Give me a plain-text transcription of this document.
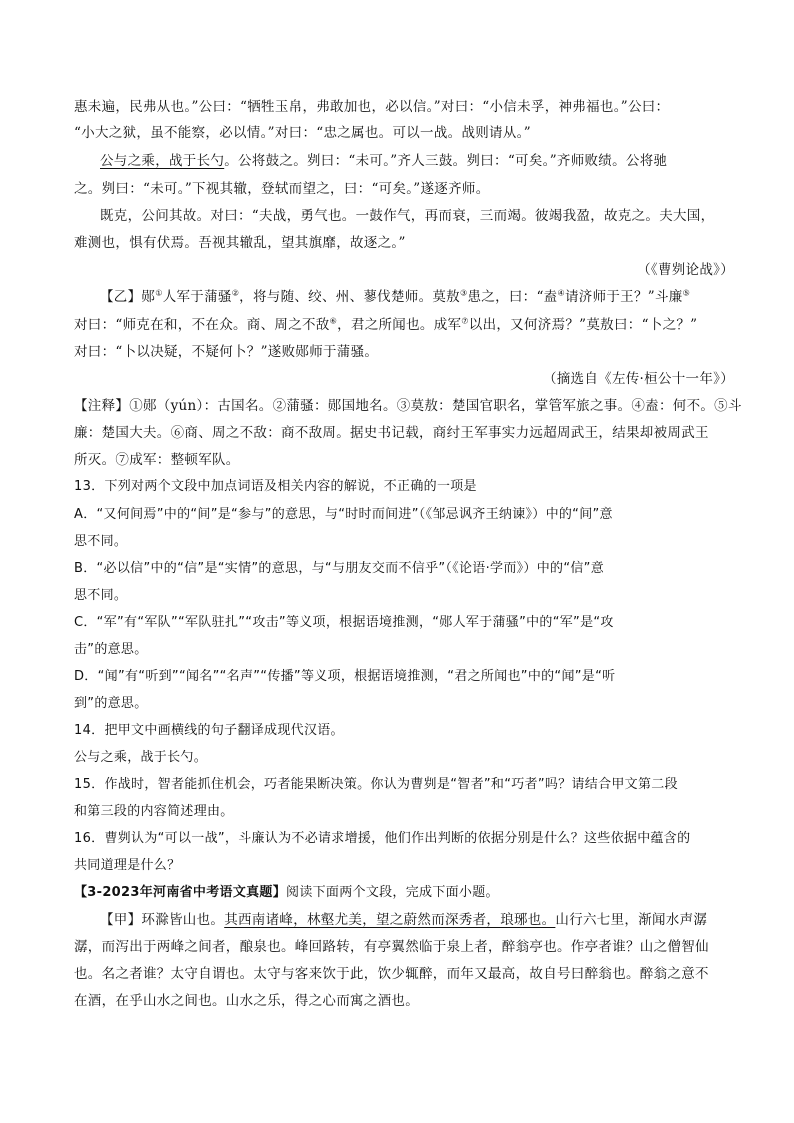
惠未遍，民弗从也。”公曰：“牺牲玉帛，弗敢加也，必以信。”对曰：“小信未孚，神弗福也。”公曰：
“小大之狱，虽不能察，必以情。”对曰：“忠之属也。可以一战。战则请从。”
公与之乘，战于长勺。公将鼓之。刿曰：“未可。”齐人三鼓。刿曰：“可矣。”齐师败绩。公将驰
之。刿曰：“未可。”下视其辙，登轼而望之，曰：“可矣。”遂逐齐师。
既克，公问其故。对曰：“夫战，勇气也。一鼓作气，再而衰，三而竭。彼竭我盈，故克之。夫大国，
难测也，惧有伏焉。吾视其辙乱，望其旗靡，故逐之。”
（《曹刿论战》）
【乙】郧①人军于蒲骚②，将与随、绞、州、蓼伐楚师。莫敖③患之，曰：“盍④请济师于王？”斗廉⑤
对曰：“师克在和，不在众。商、周之不敌⑥，君之所闻也。成军⑦以出，又何济焉？”莫敖曰：“卜之？”
对曰：“卜以决疑，不疑何卜？”遂败郧师于蒲骚。
（摘选自《左传·桓公十一年》）
【注释】①郧（yún）：古国名。②蒲骚：郧国地名。③莫敖：楚国官职名，掌管军旅之事。④盍：何不。⑤斗
廉：楚国大夫。⑥商、周之不敌：商不敌周。据史书记载，商纣王军事实力远超周武王，结果却被周武王
所灭。⑦成军：整顿军队。
13．下列对两个文段中加点词语及相关内容的解说，不正确的一项是
A．“又何间焉”中的“间”是“参与”的意思，与“时时而间进”（《邹忌讽齐王纳谏》）中的“间”意
思不同。
B．“必以信”中的“信”是“实情”的意思，与“与朋友交而不信乎”（《论语·学而》）中的“信”意
思不同。
C．“军”有“军队”“军队驻扎”“攻击”等义项，根据语境推测，“郧人军于蒲骚”中的“军”是“攻
击”的意思。
D．“闻”有“听到”“闻名”“名声”“传播”等义项，根据语境推测，“君之所闻也”中的“闻”是“听
到”的意思。
14．把甲文中画横线的句子翻译成现代汉语。
公与之乘，战于长勺。
15．作战时，智者能抓住机会，巧者能果断决策。你认为曹刿是“智者”和“巧者”吗？请结合甲文第二段
和第三段的内容简述理由。
16．曹刿认为“可以一战”，斗廉认为不必请求增援，他们作出判断的依据分别是什么？这些依据中蕴含的
共同道理是什么？
【3-2023年河南省中考语文真题】阅读下面两个文段，完成下面小题。
【甲】环滁皆山也。其西南诸峰，林壑尤美，望之蔚然而深秀者，琅琊也。山行六七里，渐闻水声潺
潺，而泻出于两峰之间者，酿泉也。峰回路转，有亭翼然临于泉上者，醉翁亭也。作亭者谁？山之僧智仙
也。名之者谁？太守自谓也。太守与客来饮于此，饮少辄醉，而年又最高，故自号曰醉翁也。醉翁之意不
在酒，在乎山水之间也。山水之乐，得之心而寓之酒也。
